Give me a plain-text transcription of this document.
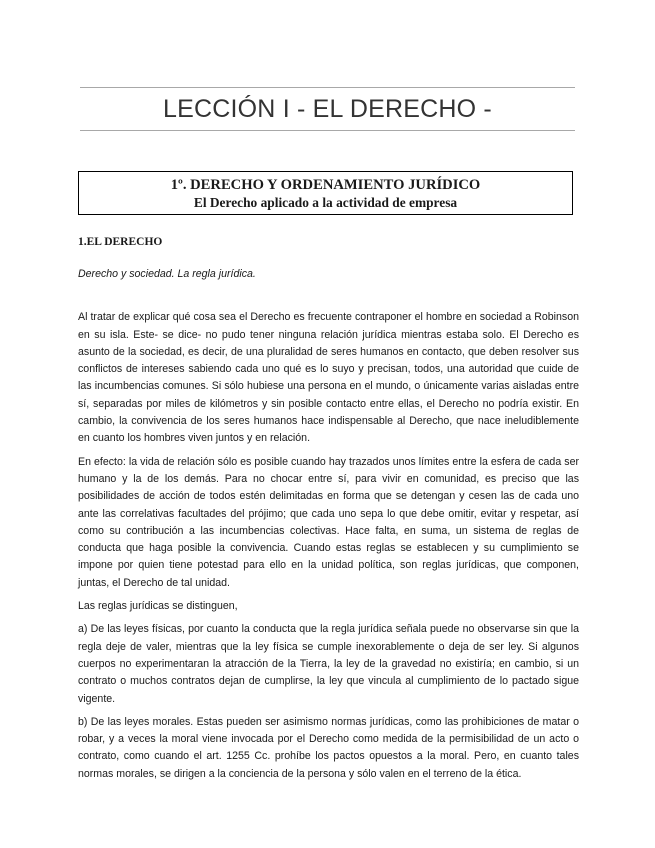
LECCIÓN I - EL DERECHO -
1º. DERECHO Y ORDENAMIENTO JURÍDICO
El Derecho aplicado a la actividad de empresa

1.EL DERECHO

Derecho y sociedad. La regla jurídica.

Al tratar de explicar qué cosa sea el Derecho es frecuente contraponer el hombre en sociedad a Robinson en su isla. Este- se dice- no pudo tener ninguna relación jurídica mientras estaba solo. El Derecho es asunto de la sociedad, es decir, de una pluralidad de seres humanos en contacto, que deben resolver sus conflictos de intereses sabiendo cada uno qué es lo suyo y precisan, todos, una autoridad que cuide de las incumbencias comunes. Si sólo hubiese una persona en el mundo, o únicamente varias aisladas entre sí, separadas por miles de kilómetros y sin posible contacto entre ellas, el Derecho no podría existir. En cambio, la convivencia de los seres humanos hace indispensable al Derecho, que nace ineludiblemente en cuanto los hombres viven juntos y en relación.

En efecto: la vida de relación sólo es posible cuando hay trazados unos límites entre la esfera de cada ser humano y la de los demás. Para no chocar entre sí, para vivir en comunidad, es preciso que las posibilidades de acción de todos estén delimitadas en forma que se detengan y cesen las de cada uno ante las correlativas facultades del prójimo; que cada uno sepa lo que debe omitir, evitar y respetar, así como su contribución a las incumbencias colectivas. Hace falta, en suma, un sistema de reglas de conducta que haga posible la convivencia. Cuando estas reglas se establecen y su cumplimiento se impone por quien tiene potestad para ello en la unidad política, son reglas jurídicas, que componen, juntas, el Derecho de tal unidad.

Las reglas jurídicas se distinguen,

a) De las leyes físicas, por cuanto la conducta que la regla jurídica señala puede no observarse sin que la regla deje de valer, mientras que la ley física se cumple inexorablemente o deja de ser ley. Si algunos cuerpos no experimentaran la atracción de la Tierra, la ley de la gravedad no existiría; en cambio, si un contrato o muchos contratos dejan de cumplirse, la ley que vincula al cumplimiento de lo pactado sigue vigente.

b) De las leyes morales. Estas pueden ser asimismo normas jurídicas, como las prohibiciones de matar o robar, y a veces la moral viene invocada por el Derecho como medida de la permisibilidad de un acto o contrato, como cuando el art. 1255 Cc. prohíbe los pactos opuestos a la moral. Pero, en cuanto tales normas morales, se dirigen a la conciencia de la persona y sólo valen en el terreno de la ética.
